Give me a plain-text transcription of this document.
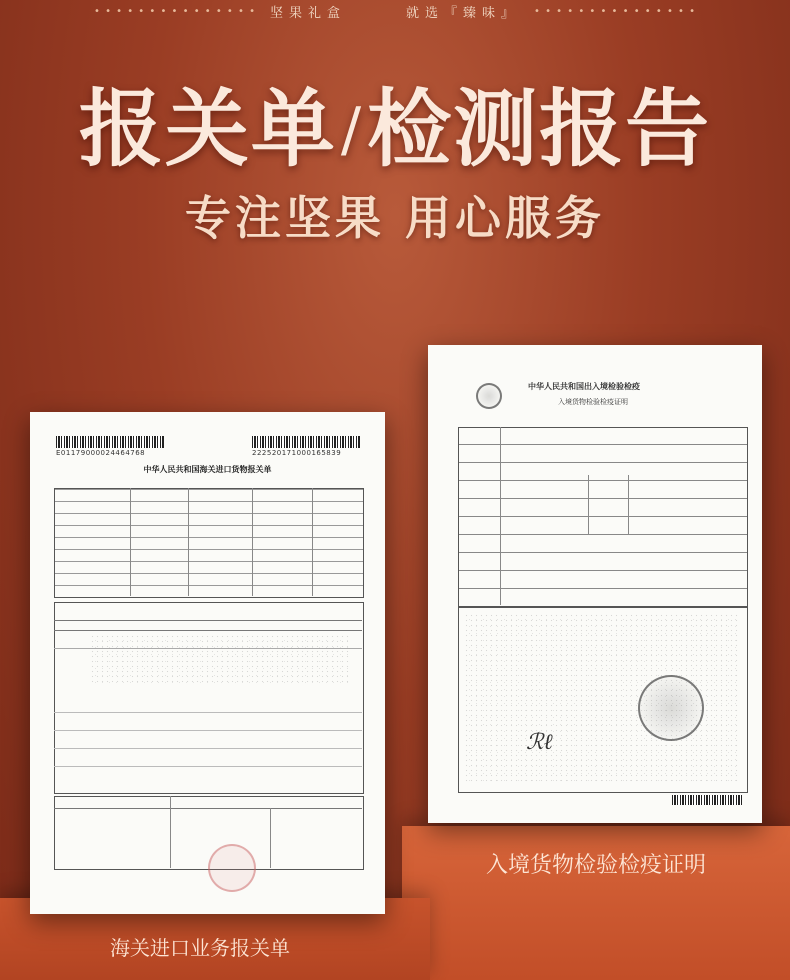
• • • • • • • • • • • • • • • 坚果礼盒	就选『臻味』 • • • • • • • • • • • • • • •
报关单/检测报告
专注坚果 用心服务
E01179000024464768	222520171000165839
中华人民共和国海关进口货物报关单
中华人民共和国出入境检验检疫
入境货物检验检疫证明
ℛℓ
入境货物检验检疫证明
海关进口业务报关单
